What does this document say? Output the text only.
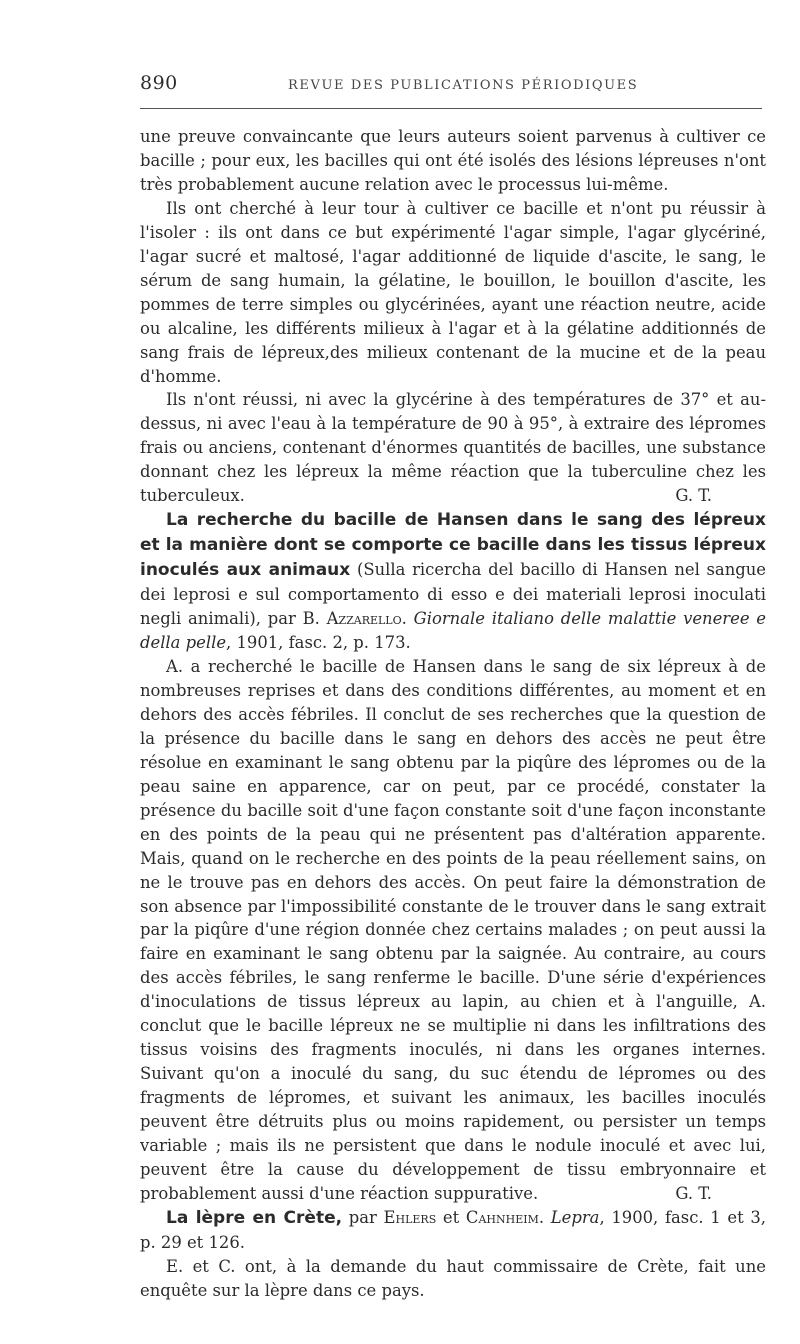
890	REVUE DES PUBLICATIONS PÉRIODIQUES

une preuve convaincante que leurs auteurs soient parvenus à cultiver ce bacille ; pour eux, les bacilles qui ont été isolés des lésions lépreuses n'ont très probablement aucune relation avec le processus lui-même.

Ils ont cherché à leur tour à cultiver ce bacille et n'ont pu réussir à l'isoler : ils ont dans ce but expérimenté l'agar simple, l'agar glycériné, l'agar sucré et maltosé, l'agar additionné de liquide d'ascite, le sang, le sérum de sang humain, la gélatine, le bouillon, le bouillon d'ascite, les pommes de terre simples ou glycérinées, ayant une réaction neutre, acide ou alcaline, les différents milieux à l'agar et à la gélatine additionnés de sang frais de lépreux,des milieux contenant de la mucine et de la peau d'homme.

Ils n'ont réussi, ni avec la glycérine à des températures de 37° et au-dessus, ni avec l'eau à la température de 90 à 95°, à extraire des lépromes frais ou anciens, contenant d'énormes quantités de bacilles, une substance donnant chez les lépreux la même réaction que la tuberculine chez les tuberculeux.	G. T.

La recherche du bacille de Hansen dans le sang des lépreux et la manière dont se comporte ce bacille dans les tissus lépreux inoculés aux animaux (Sulla ricercha del bacillo di Hansen nel sangue dei leprosi e sul comportamento di esso e dei materiali leprosi inoculati negli animali), par B. Azzarello. Giornale italiano delle malattie veneree e della pelle, 1901, fasc. 2, p. 173.

A. a recherché le bacille de Hansen dans le sang de six lépreux à de nombreuses reprises et dans des conditions différentes, au moment et en dehors des accès fébriles. Il conclut de ses recherches que la question de la présence du bacille dans le sang en dehors des accès ne peut être résolue en examinant le sang obtenu par la piqûre des lépromes ou de la peau saine en apparence, car on peut, par ce procédé, constater la présence du bacille soit d'une façon constante soit d'une façon inconstante en des points de la peau qui ne présentent pas d'altération apparente. Mais, quand on le recherche en des points de la peau réellement sains, on ne le trouve pas en dehors des accès. On peut faire la démonstration de son absence par l'impossibilité constante de le trouver dans le sang extrait par la piqûre d'une région donnée chez certains malades ; on peut aussi la faire en examinant le sang obtenu par la saignée. Au contraire, au cours des accès fébriles, le sang renferme le bacille. D'une série d'expériences d'inoculations de tissus lépreux au lapin, au chien et à l'anguille, A. conclut que le bacille lépreux ne se multiplie ni dans les infiltrations des tissus voisins des fragments inoculés, ni dans les organes internes. Suivant qu'on a inoculé du sang, du suc étendu de lépromes ou des fragments de lépromes, et suivant les animaux, les bacilles inoculés peuvent être détruits plus ou moins rapidement, ou persister un temps variable ; mais ils ne persistent que dans le nodule inoculé et avec lui, peuvent être la cause du développement de tissu embryonnaire et probablement aussi d'une réaction suppurative.	G. T.

La lèpre en Crète, par Ehlers et Cahnheim. Lepra, 1900, fasc. 1 et 3, p. 29 et 126.

E. et C. ont, à la demande du haut commissaire de Crète, fait une enquête sur la lèpre dans ce pays.
